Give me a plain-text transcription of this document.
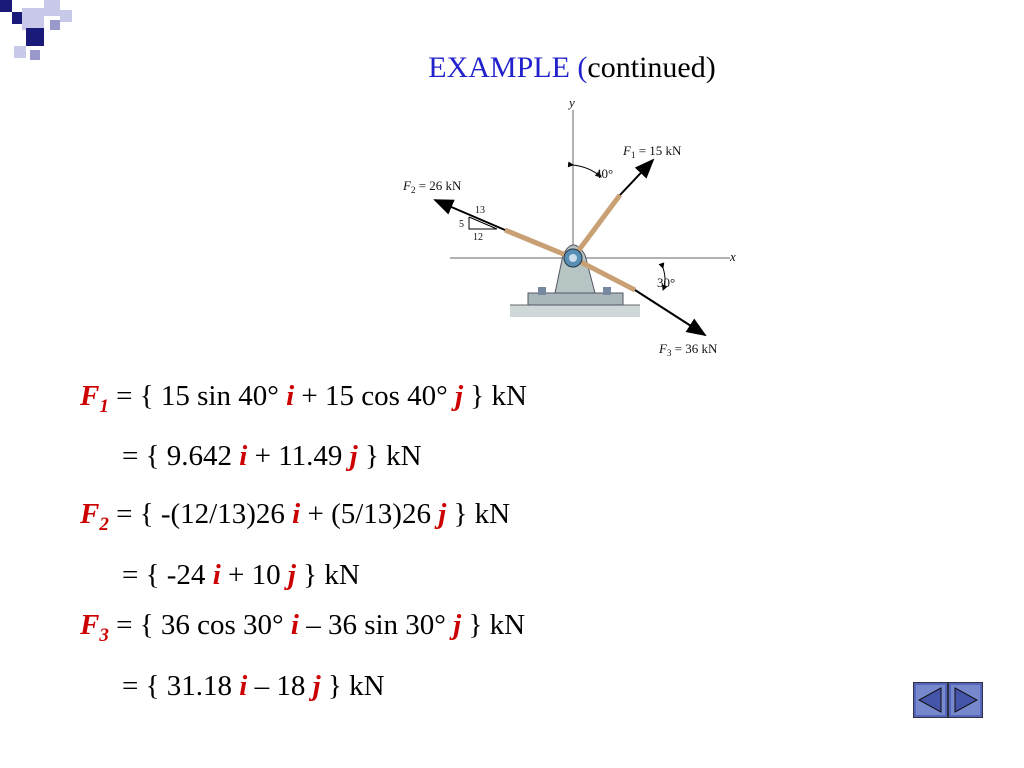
EXAMPLE (continued)
y
x
40°
30°
13
5
12
$F_1 = 15$ kN
$F_2 = 26$ kN
$F_3 = 36$ kN
$F_1$ = { 15 sin 40° i + 15 cos 40° j } kN
= { 9.642 i + 11.49 j } kN
$F_2$ = { -(12/13)26 i + (5/13)26 j } kN
= { -24 i + 10 j } kN
$F_3$ = { 36 cos 30° i – 36 sin 30° j } kN
= { 31.18 i – 18 j } kN
